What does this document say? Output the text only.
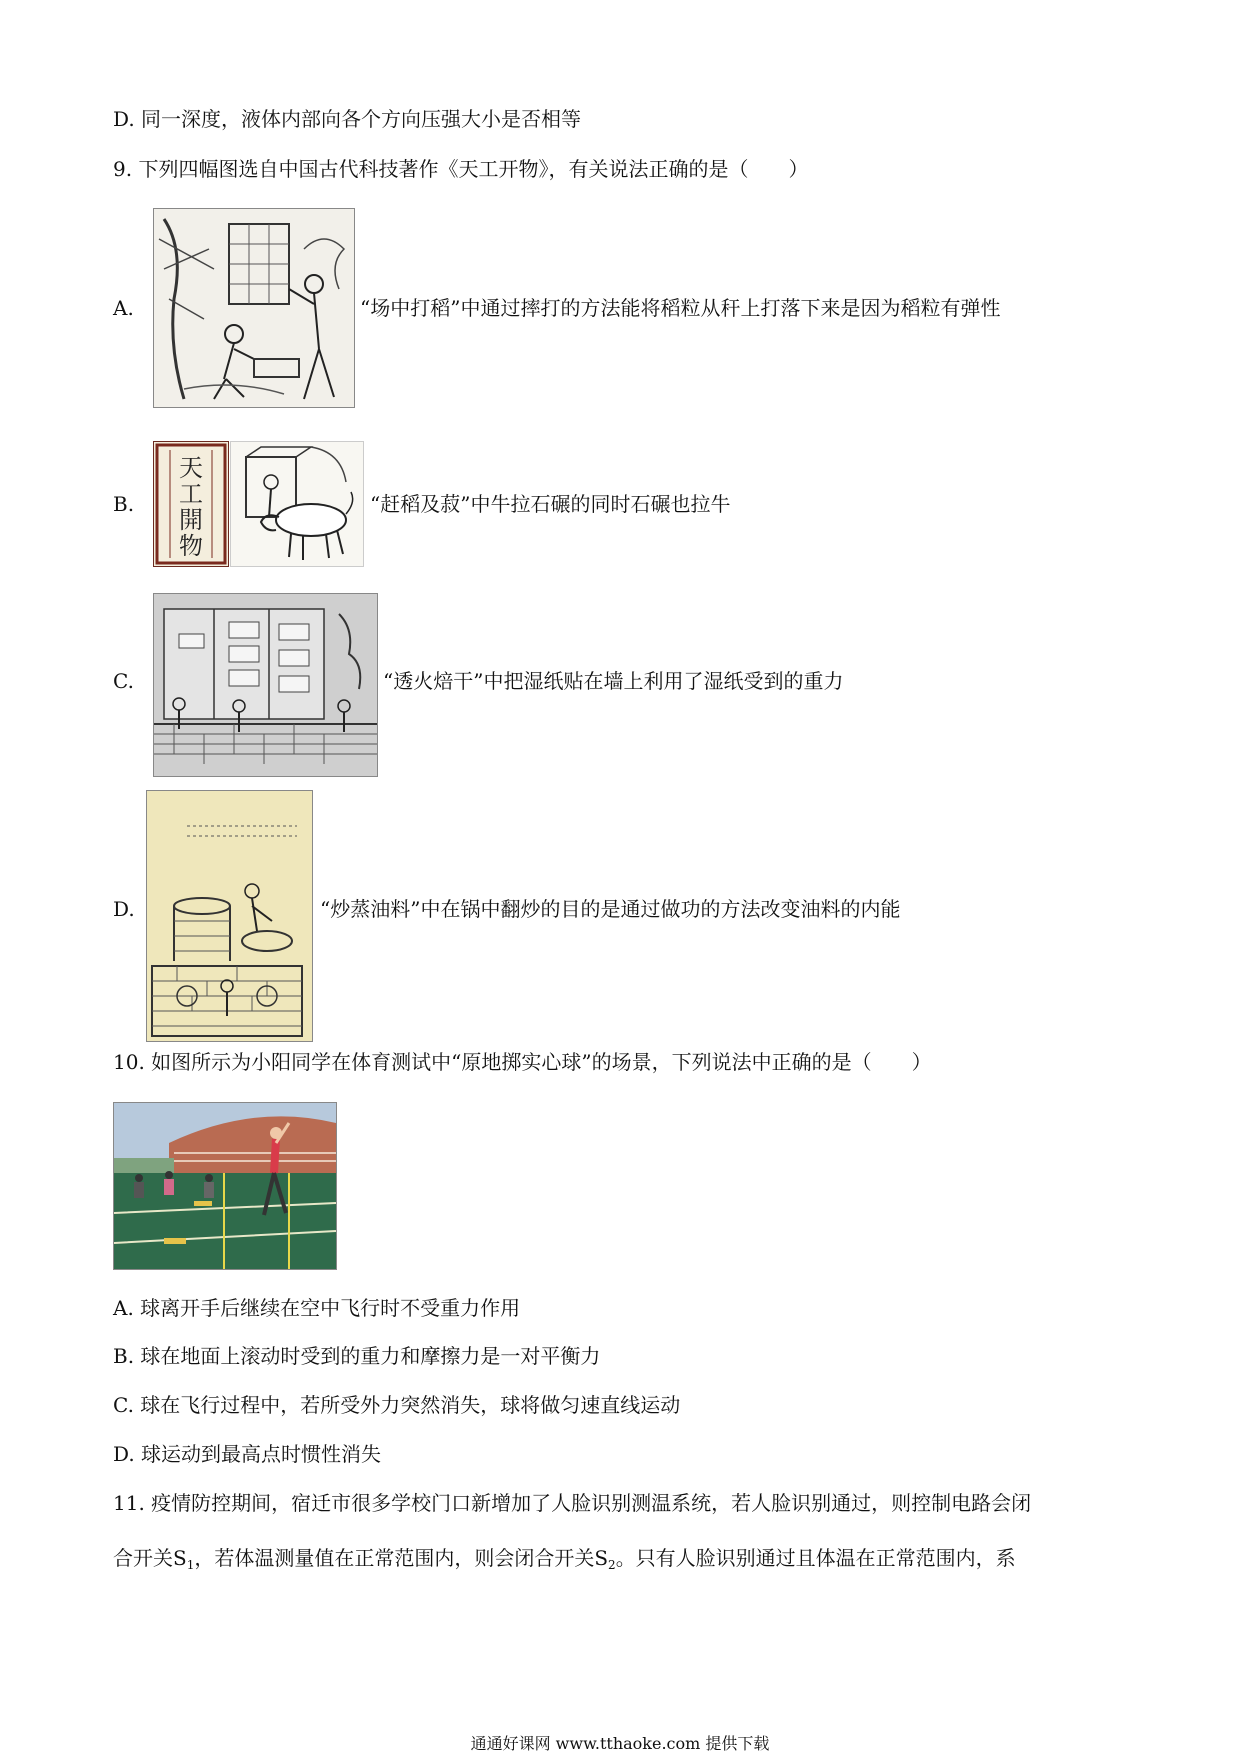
D. 同一深度，液体内部向各个方向压强大小是否相等
9. 下列四幅图选自中国古代科技著作《天工开物》，有关说法正确的是（　　）
A.	“场中打稻”中通过摔打的方法能将稻粒从秆上打落下来是因为稻粒有弹性
B.
天
工
開
物
“赶稻及菽”中牛拉石碾的同时石碾也拉牛
C.	“透火焙干”中把湿纸贴在墙上利用了湿纸受到的重力
D.	“炒蒸油料”中在锅中翻炒的目的是通过做功的方法改变油料的内能
10. 如图所示为小阳同学在体育测试中“原地掷实心球”的场景，下列说法中正确的是（　　）
A. 球离开手后继续在空中飞行时不受重力作用
B. 球在地面上滚动时受到的重力和摩擦力是一对平衡力
C. 球在飞行过程中，若所受外力突然消失，球将做匀速直线运动
D. 球运动到最高点时惯性消失
11. 疫情防控期间，宿迁市很多学校门口新增加了人脸识别测温系统，若人脸识别通过，则控制电路会闭
合开关$S_1$，若体温测量值在正常范围内，则会闭合开关$S_2$。只有人脸识别通过且体温在正常范围内，系
通通好课网 www.tthaoke.com 提供下载
